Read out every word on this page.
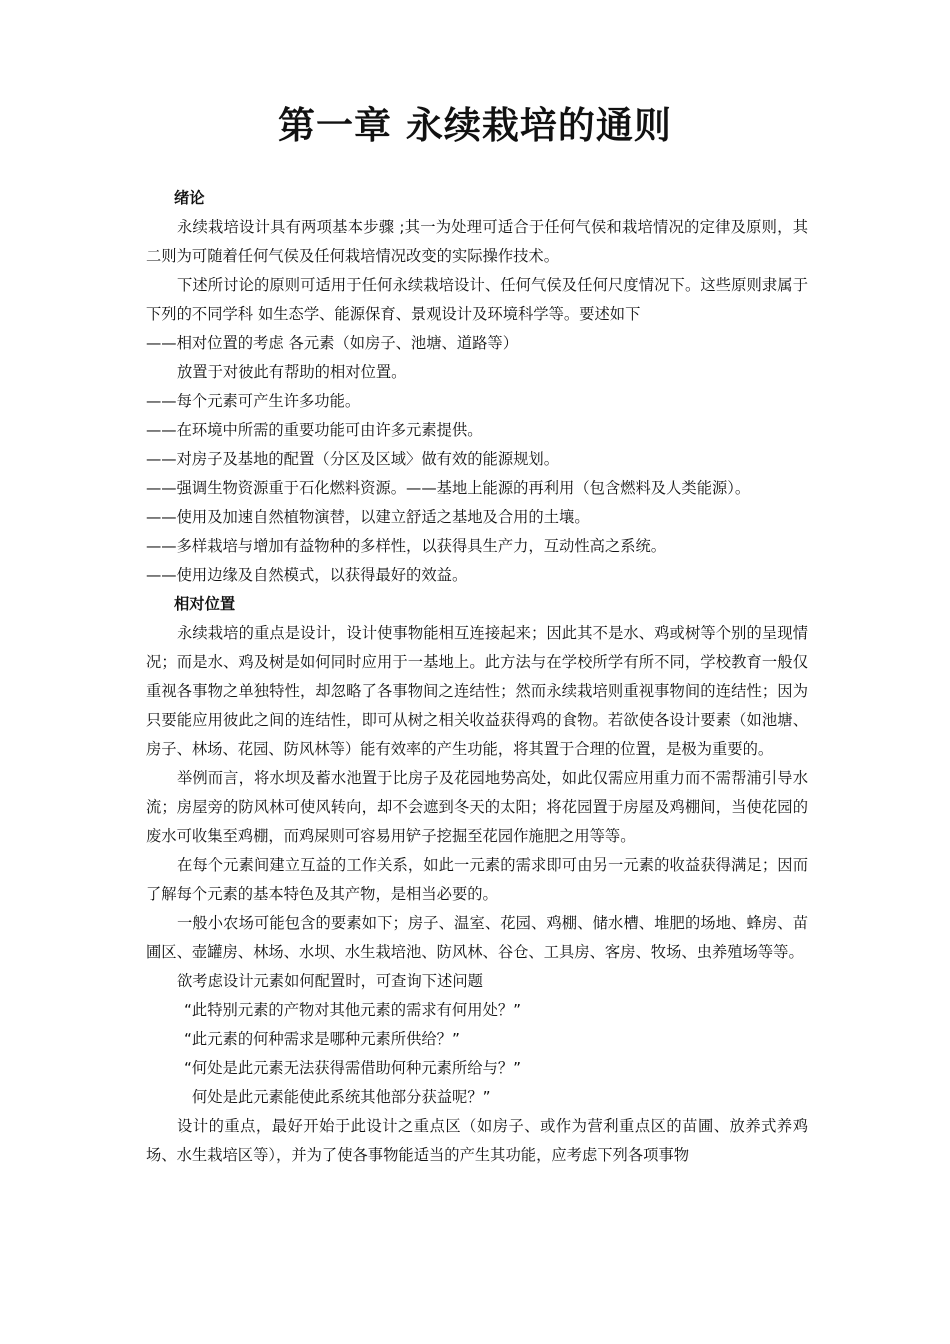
第一章 永续栽培的通则

绪论

永续栽培设计具有两项基本步骤 ;其一为处理可适合于任何气侯和栽培情况的定律及原则，其二则为可随着任何气侯及任何栽培情况改变的实际操作技术。

下述所讨论的原则可适用于任何永续栽培设计、任何气侯及任何尺度情况下。这些原则隶属于下列的不同学科 如生态学、能源保育、景观设计及环境科学等。要述如下

——相对位置的考虑 各元素（如房子、池塘、道路等）

放置于对彼此有帮助的相对位置。

——每个元素可产生许多功能。

——在环境中所需的重要功能可由许多元素提供。

——对房子及基地的配置（分区及区域〉做有效的能源规划。

——强调生物资源重于石化燃料资源。——基地上能源的再利用（包含燃料及人类能源）。

——使用及加速自然植物演替，以建立舒适之基地及合用的土壤。

——多样栽培与增加有益物种的多样性，以获得具生产力，互动性高之系统。

——使用边缘及自然模式，以获得最好的效益。

相对位置

永续栽培的重点是设计，设计使事物能相互连接起来；因此其不是水、鸡或树等个别的呈现情况；而是水、鸡及树是如何同时应用于一基地上。此方法与在学校所学有所不同，学校教育一般仅重视各事物之单独特性，却忽略了各事物间之连结性；然而永续栽培则重视事物间的连结性；因为只要能应用彼此之间的连结性，即可从树之相关收益获得鸡的食物。若欲使各设计要素（如池塘、房子、林场、花园、防风林等）能有效率的产生功能，将其置于合理的位置，是极为重要的。

举例而言，将水坝及蓄水池置于比房子及花园地势高处，如此仅需应用重力而不需帮浦引导水流；房屋旁的防风林可使风转向，却不会遮到冬天的太阳；将花园置于房屋及鸡棚间，当使花园的废水可收集至鸡棚，而鸡屎则可容易用铲子挖掘至花园作施肥之用等等。

在每个元素间建立互益的工作关系，如此一元素的需求即可由另一元素的收益获得满足；因而了解每个元素的基本特色及其产物，是相当必要的。

一般小农场可能包含的要素如下；房子、温室、花园、鸡棚、储水槽、堆肥的场地、蜂房、苗圃区、壶罐房、林场、水坝、水生栽培池、防风林、谷仓、工具房、客房、牧场、虫养殖场等等。

欲考虑设计元素如何配置时，可查询下述问题

“此特别元素的产物对其他元素的需求有何用处？”

“此元素的何种需求是哪种元素所供给？”

“何处是此元素无法获得需借助何种元素所给与？”

何处是此元素能使此系统其他部分获益呢？”

设计的重点，最好开始于此设计之重点区（如房子、或作为营利重点区的苗圃、放养式养鸡场、水生栽培区等），并为了使各事物能适当的产生其功能，应考虑下列各项事物
